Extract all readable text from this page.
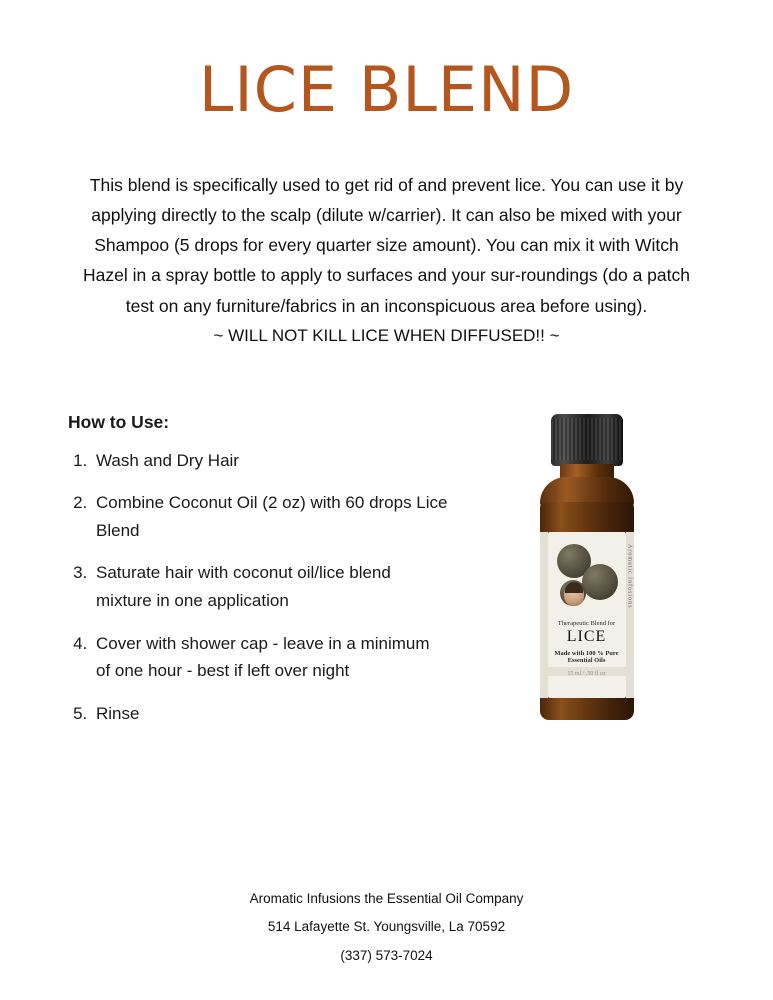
LICE BLEND

This blend is specifically used to get rid of and prevent lice. You can use it by applying directly to the scalp (dilute w/carrier). It can also be mixed with your Shampoo (5 drops for every quarter size amount). You can mix it with Witch Hazel in a spray bottle to apply to surfaces and your sur-roundings (do a patch test on any furniture/fabrics in an inconspicuous area before using).

~ WILL NOT KILL LICE WHEN DIFFUSED!! ~

How to Use:
1. Wash and Dry Hair
2. Combine Coconut Oil (2 oz) with 60 drops Lice Blend
3. Saturate hair with coconut oil/lice blend mixture in one application
4. Cover with shower cap - leave in a minimum of one hour - best if left over night
5. Rinse
Aromatic Infusions
Therapeutic Blend for
LICE
Made with 100 % Pure Essential Oils
Aromatic Infusions the Essential Oil Company
514 Lafayette St. Youngsville, La 70592
(337) 573-7024
